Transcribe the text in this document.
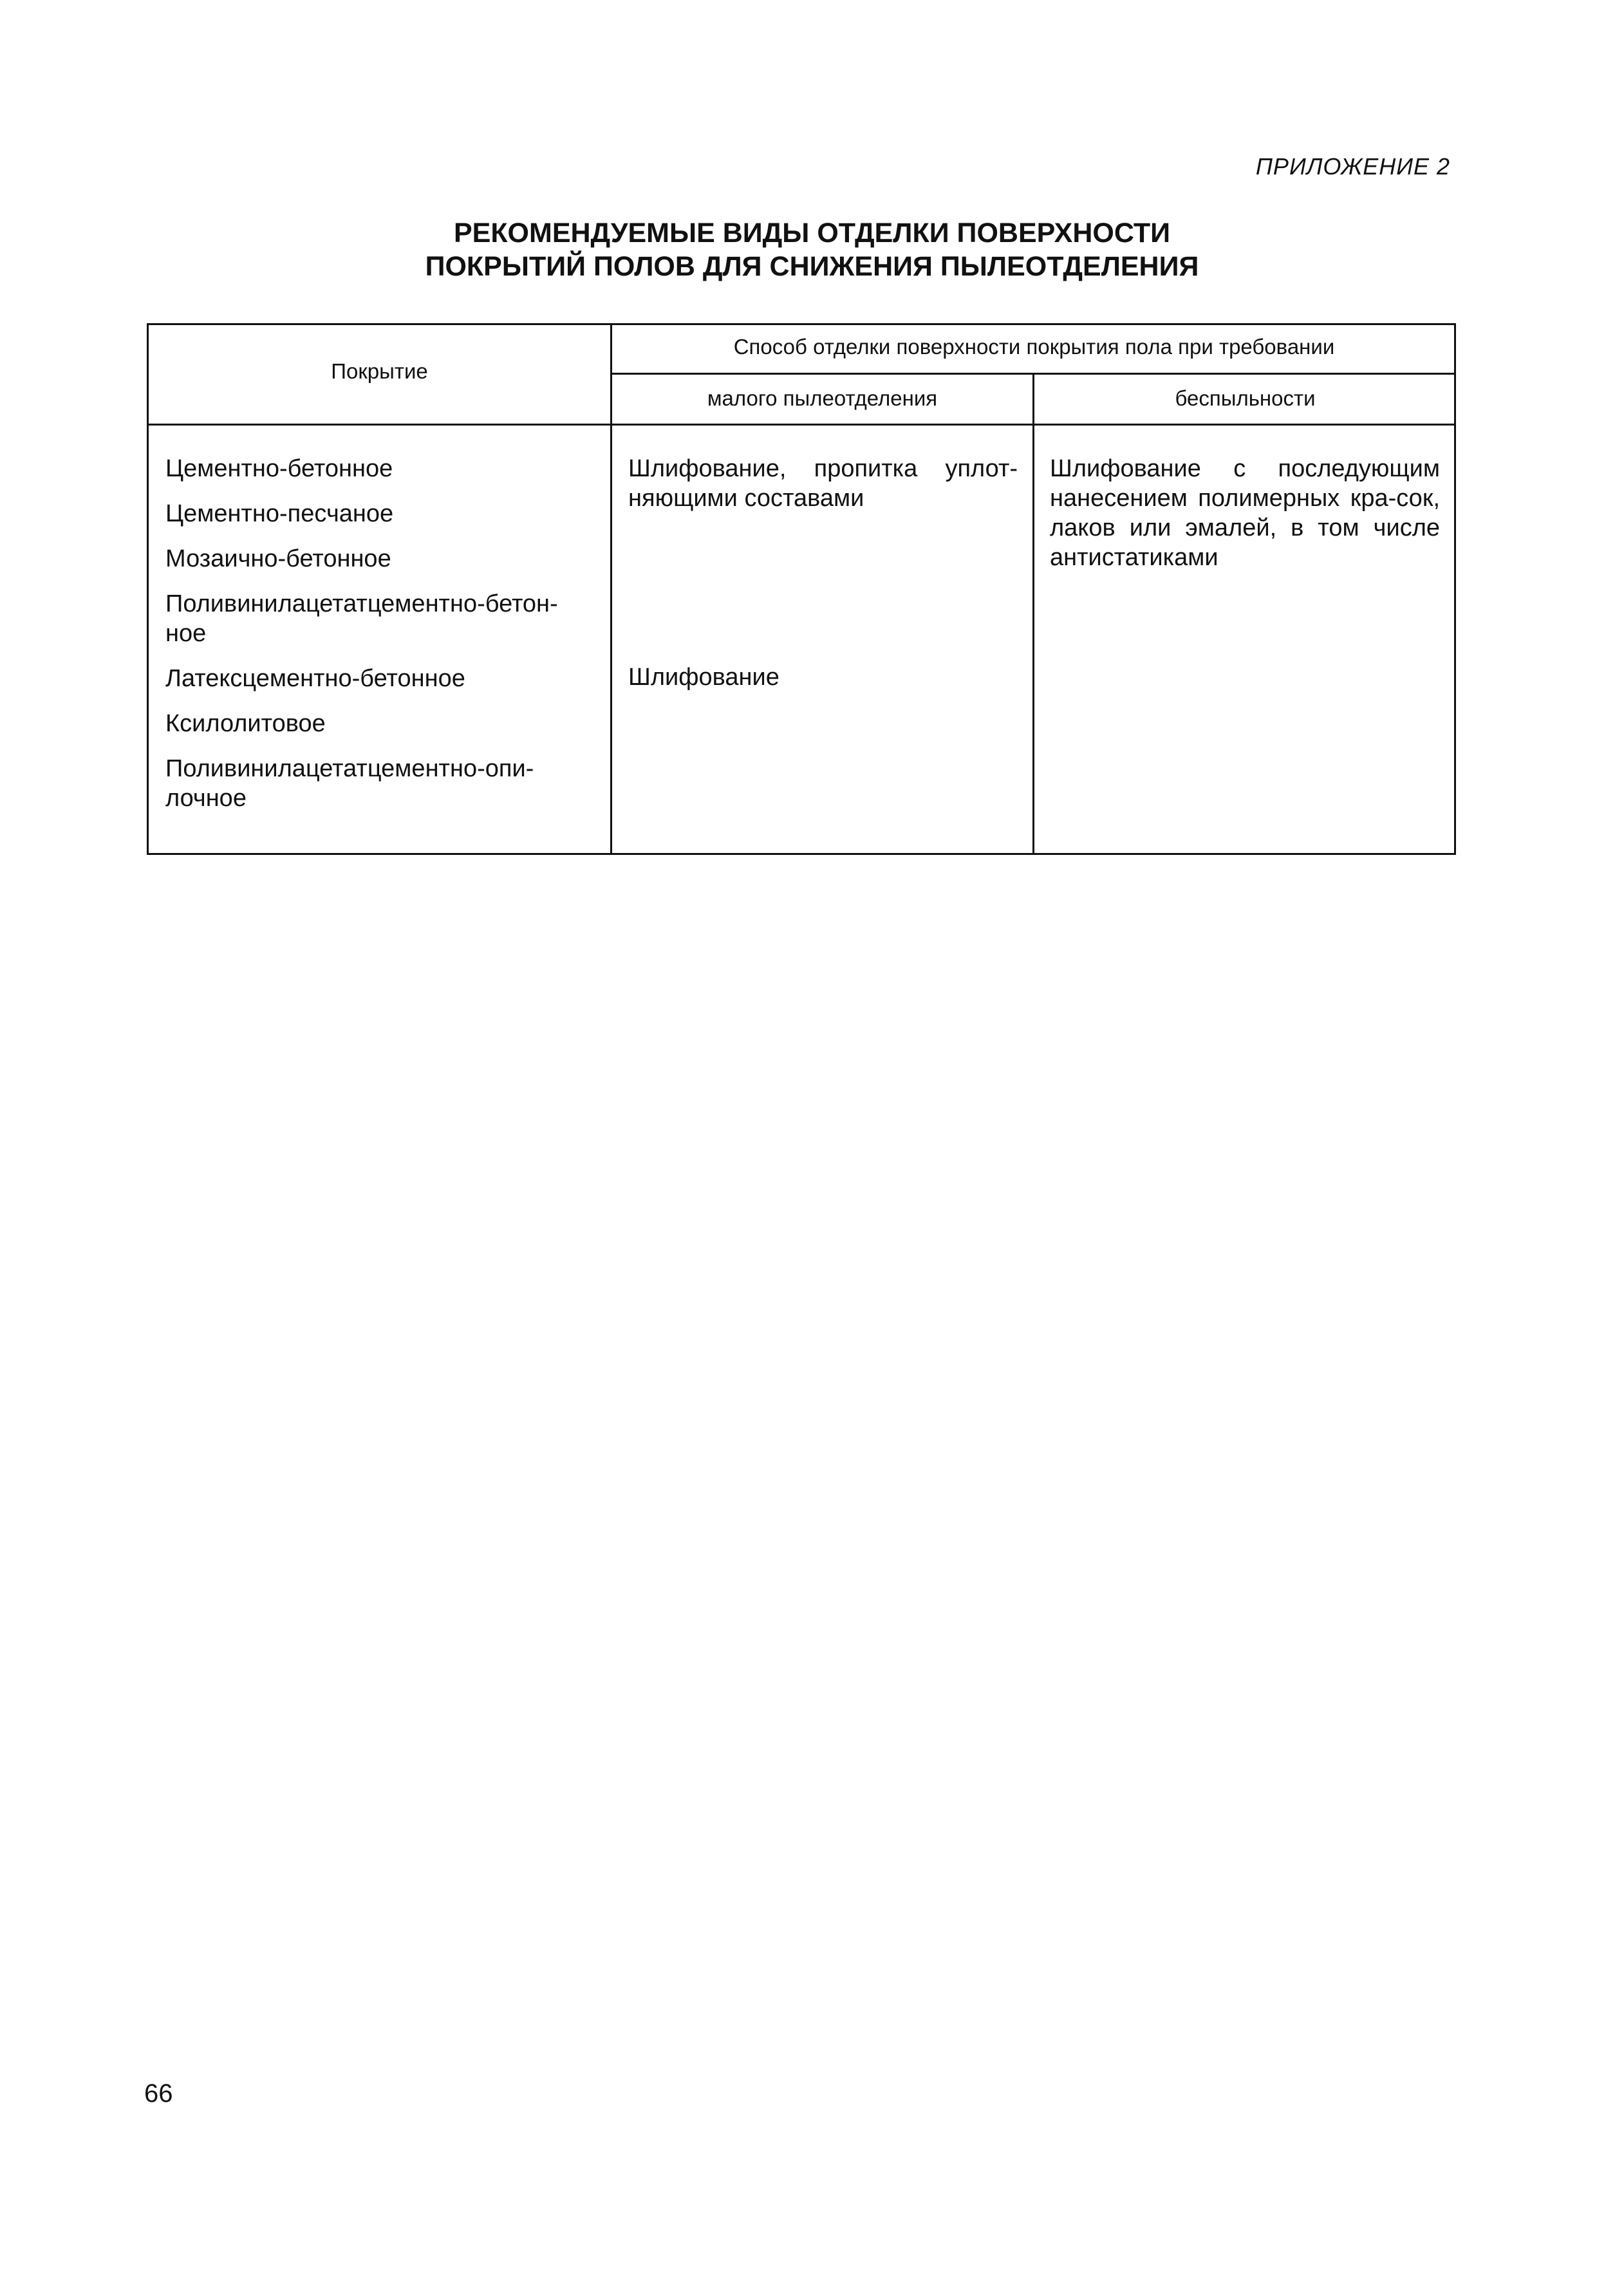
ПРИЛОЖЕНИЕ 2
РЕКОМЕНДУЕМЫЕ ВИДЫ ОТДЕЛКИ ПОВЕРХНОСТИ
ПОКРЫТИЙ ПОЛОВ ДЛЯ СНИЖЕНИЯ ПЫЛЕОТДЕЛЕНИЯ
Покрытие
Способ отделки поверхности покрытия пола при требовании
малого пылеотделения	беспыльности
Цементно-бетонное
Цементно-песчаное
Мозаично-бетонное
Поливинилацетатцементно-бетон-ное
Латексцементно-бетонное
Ксилолитовое
Поливинилацетатцементно-опи-лочное
Шлифование, пропитка уплот-няющими составами
Шлифование
Шлифование с последующим нанесением полимерных кра-сок, лаков или эмалей, в том числе антистатиками
66
